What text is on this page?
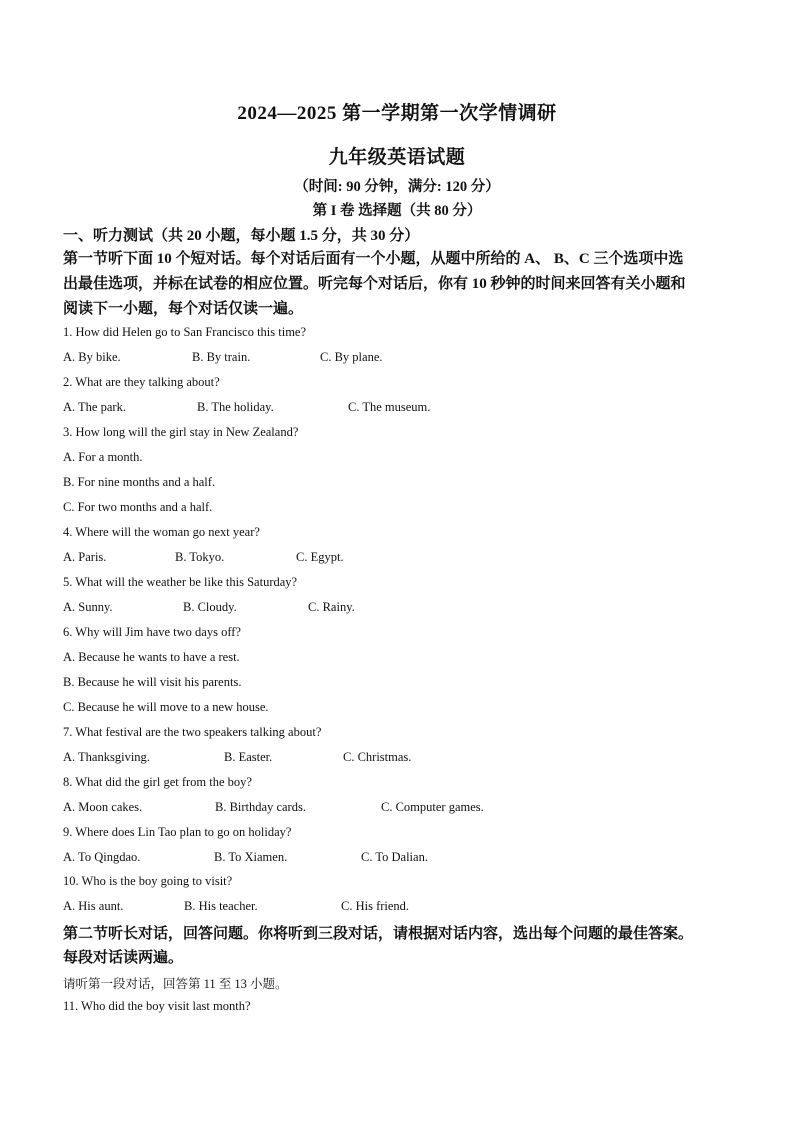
2024—2025 第一学期第一次学情调研
九年级英语试题
（时间: 90 分钟，满分: 120 分）
第 I 卷 选择题（共 80 分）
一、听力测试（共 20 小题，每小题 1.5 分，共 30 分）
第一节听下面 10 个短对话。每个对话后面有一个小题，从题中所给的 A、 B、C 三个选项中选
出最佳选项，并标在试卷的相应位置。听完每个对话后，你有 10 秒钟的时间来回答有关小题和
阅读下一小题，每个对话仅读一遍。
1. How did Helen go to San Francisco this time?
A. By bike.	B. By train.	C. By plane.
2. What are they talking about?
A. The park.	B. The holiday.	C. The museum.
3. How long will the girl stay in New Zealand?
A. For a month.
B. For nine months and a half.
C. For two months and a half.
4. Where will the woman go next year?
A. Paris.	B. Tokyo.	C. Egypt.
5. What will the weather be like this Saturday?
A. Sunny.	B. Cloudy.	C. Rainy.
6. Why will Jim have two days off?
A. Because he wants to have a rest.
B. Because he will visit his parents.
C. Because he will move to a new house.
7. What festival are the two speakers talking about?
A. Thanksgiving.	B. Easter.	C. Christmas.
8. What did the girl get from the boy?
A. Moon cakes.	B. Birthday cards.	C. Computer games.
9. Where does Lin Tao plan to go on holiday?
A. To Qingdao.	B. To Xiamen.	C. To Dalian.
10. Who is the boy going to visit?
A. His aunt.	B. His teacher.	C. His friend.
第二节听长对话，回答问题。你将听到三段对话，请根据对话内容，选出每个问题的最佳答案。
每段对话读两遍。
请听第一段对话，回答第 11 至 13 小题。
11. Who did the boy visit last month?
